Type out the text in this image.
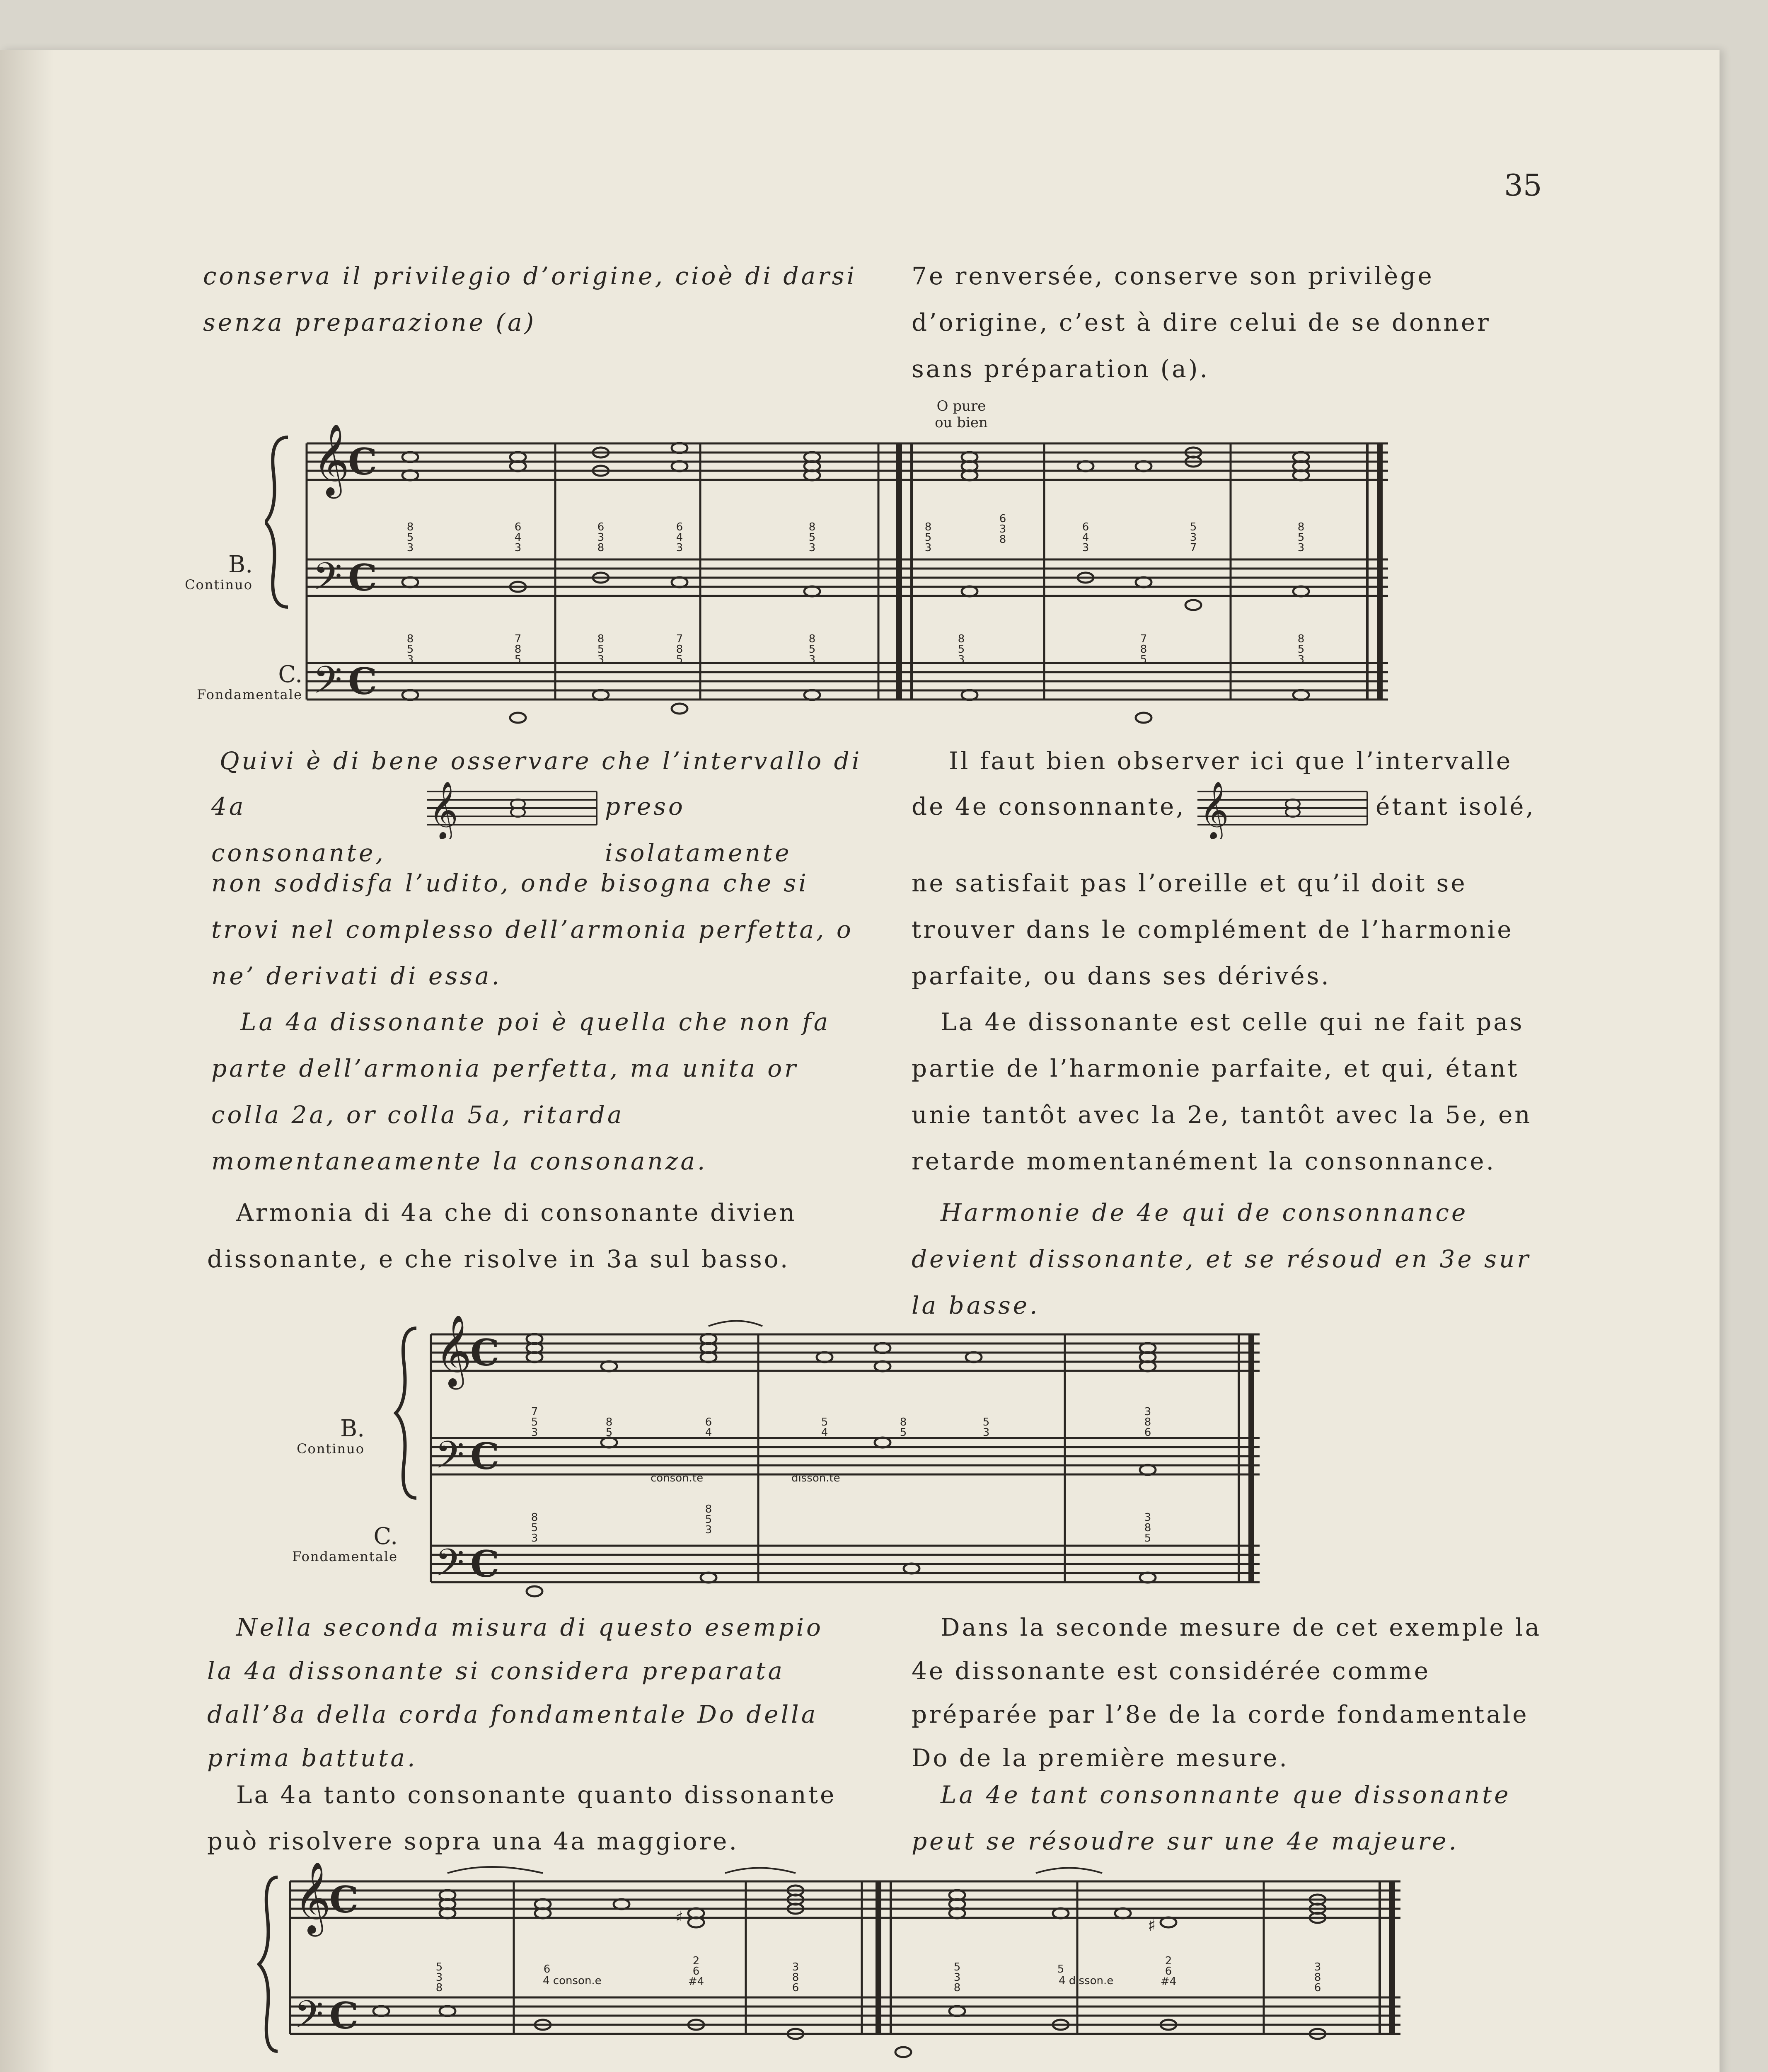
35

conserva il privilegio d’origine, cioè di darsi senza preparazione (a)

7e renversée, conserve son privilège d’origine, c’est à dire celui de se donner sans préparation (a).

O pure
ou bien
B.
Continuo
C.
Fondamentale
𝄞
C
𝄢 C
𝄢 C
8
5
3
6
4
3
6
3
8
6
4
3
8
5
3
8
5
3
6
3
8
6
4
3
5
3
7
8
5
3
8
5
3
7
8
5
8
5
3
7
8
5
8
5
3
8
5
3
7
8
5
8
5
3

Quivi è di bene osservare che l’intervallo di

4a consonante,

preso isolatamente

Il faut bien observer ici que l’intervalle

de 4e consonnante,	étant isolé,

𝄞	𝄞

non soddisfa l’udito, onde bisogna che si trovi nel complesso dell’armonia perfetta, o ne’ derivati di essa.

ne satisfait pas l’oreille et qu’il doit se trouver dans le complément de l’harmonie parfaite, ou dans ses dérivés.

La 4a dissonante poi è quella che non fa parte dell’armonia perfetta, ma unita or colla 2a, or colla 5a, ritarda momentaneamente la consonanza.

La 4e dissonante est celle qui ne fait pas partie de l’harmonie parfaite, et qui, étant unie tantôt avec la 2e, tantôt avec la 5e, en retarde momentanément la consonnance.

Armonia di 4a che di consonante divien dissonante, e che risolve in 3a sul basso.

Harmonie de 4e qui de consonnance devient dissonante, et se résoud en 3e sur la basse.

B.
Continuo
C.
Fondamentale
𝄞
C
𝄢 C
𝄢 C
7
5
3
8
5
6
4
5
4
8
5
5
3
3
8
6
8
5
3
8
5
3
3
8
5
conson.te	disson.te

Nella seconda misura di questo esempio la 4a dissonante si considera preparata dall’8a della corda fondamentale Do della prima battuta.

Dans la seconde mesure de cet exemple la 4e dissonante est considérée comme préparée par l’8e de la corde fondamentale Do de la première mesure.

La 4a tanto consonante quanto dissonante può risolvere sopra una 4a maggiore.

La 4e tant consonnante que dissonante peut se résoudre sur une 4e majeure.

𝄞
C
𝄢 C
♯	♯
5
3
8
6
2
6
#4
3
8
6
5
3
8
5
2
6
#4
3
8
6
4 conson.e	4 disson.e
